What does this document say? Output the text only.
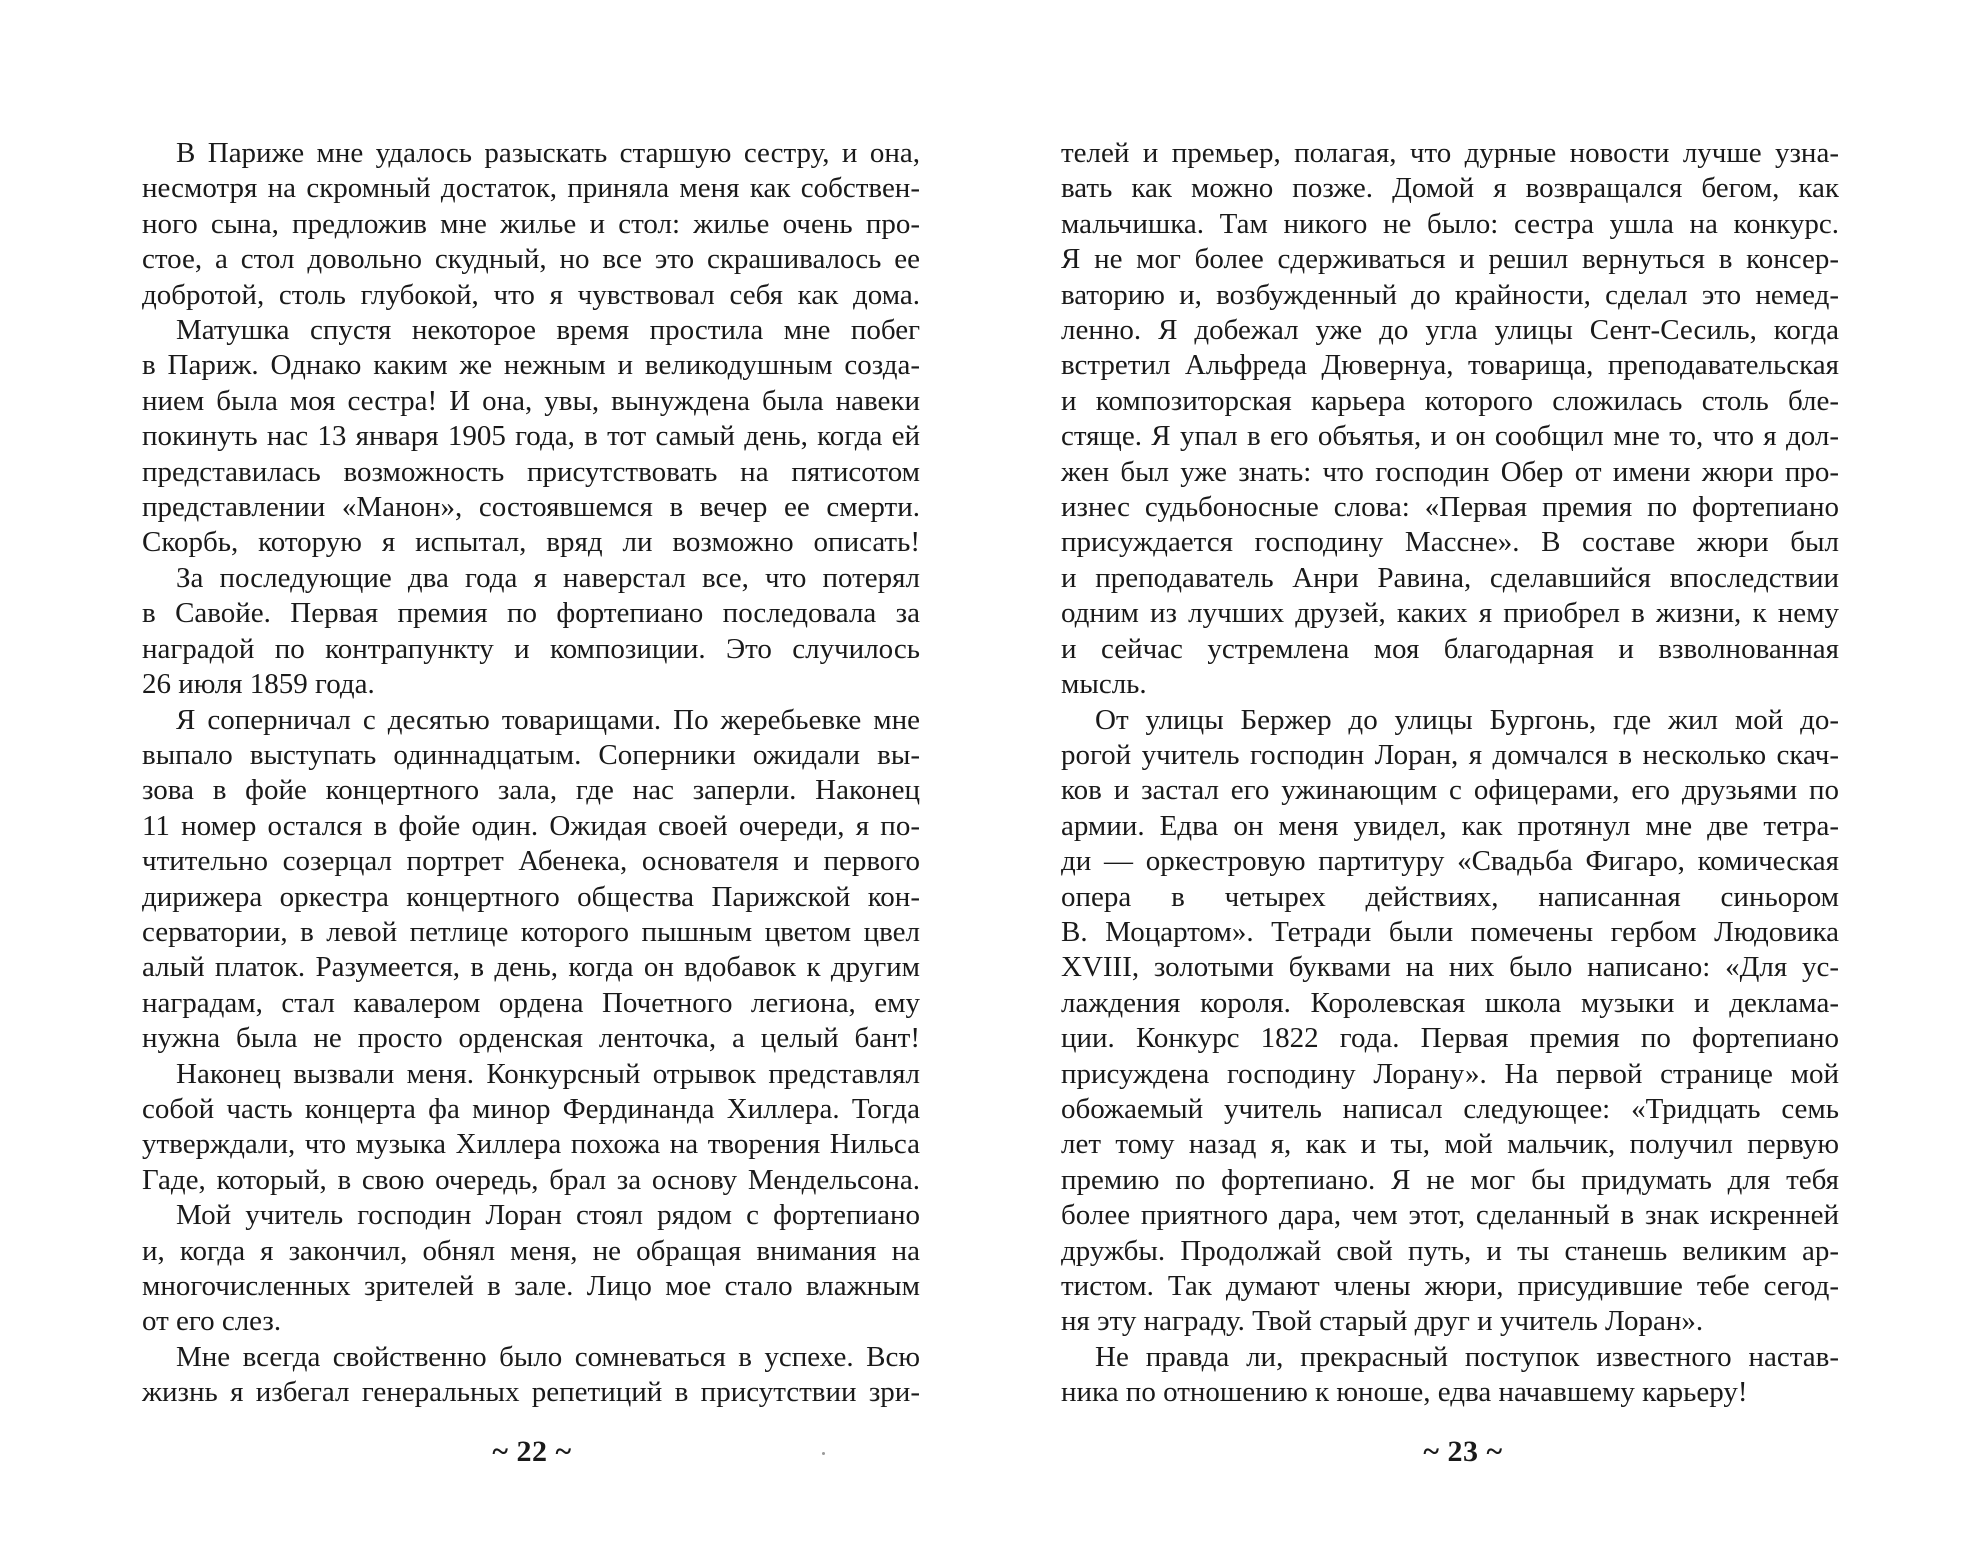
В Париже мне удалось разыскать старшую сестру, и она,
несмотря на скромный достаток, приняла меня как собствен-
ного сына, предложив мне жилье и стол: жилье очень про-
стое, а стол довольно скудный, но все это скрашивалось ее
добротой, столь глубокой, что я чувствовал себя как дома.
Матушка спустя некоторое время простила мне побег
в Париж. Однако каким же нежным и великодушным созда-
нием была моя сестра! И она, увы, вынуждена была навеки
покинуть нас 13 января 1905 года, в тот самый день, когда ей
представилась возможность присутствовать на пятисотом
представлении «Манон», состоявшемся в вечер ее смерти.
Скорбь, которую я испытал, вряд ли возможно описать!
За последующие два года я наверстал все, что потерял
в Савойе. Первая премия по фортепиано последовала за
наградой по контрапункту и композиции. Это случилось
26 июля 1859 года.
Я соперничал с десятью товарищами. По жеребьевке мне
выпало выступать одиннадцатым. Соперники ожидали вы-
зова в фойе концертного зала, где нас заперли. Наконец
11 номер остался в фойе один. Ожидая своей очереди, я по-
чтительно созерцал портрет Абенека, основателя и первого
дирижера оркестра концертного общества Парижской кон-
серватории, в левой петлице которого пышным цветом цвел
алый платок. Разумеется, в день, когда он вдобавок к другим
наградам, стал кавалером ордена Почетного легиона, ему
нужна была не просто орденская ленточка, а целый бант!
Наконец вызвали меня. Конкурсный отрывок представлял
собой часть концерта фа минор Фердинанда Хиллера. Тогда
утверждали, что музыка Хиллера похожа на творения Нильса
Гаде, который, в свою очередь, брал за основу Мендельсона.
Мой учитель господин Лоран стоял рядом с фортепиано
и, когда я закончил, обнял меня, не обращая внимания на
многочисленных зрителей в зале. Лицо мое стало влажным
от его слез.
Мне всегда свойственно было сомневаться в успехе. Всю
жизнь я избегал генеральных репетиций в присутствии зри-
~ 22 ~
телей и премьер, полагая, что дурные новости лучше узна-
вать как можно позже. Домой я возвращался бегом, как
мальчишка. Там никого не было: сестра ушла на конкурс.
Я не мог более сдерживаться и решил вернуться в консер-
ваторию и, возбужденный до крайности, сделал это немед-
ленно. Я добежал уже до угла улицы Сент-Сесиль, когда
встретил Альфреда Дювернуа, товарища, преподавательская
и композиторская карьера которого сложилась столь бле-
стяще. Я упал в его объятья, и он сообщил мне то, что я дол-
жен был уже знать: что господин Обер от имени жюри про-
изнес судьбоносные слова: «Первая премия по фортепиано
присуждается господину Массне». В составе жюри был
и преподаватель Анри Равина, сделавшийся впоследствии
одним из лучших друзей, каких я приобрел в жизни, к нему
и сейчас устремлена моя благодарная и взволнованная
мысль.
От улицы Бержер до улицы Бургонь, где жил мой до-
рогой учитель господин Лоран, я домчался в несколько скач-
ков и застал его ужинающим с офицерами, его друзьями по
армии. Едва он меня увидел, как протянул мне две тетра-
ди — оркестровую партитуру «Свадьба Фигаро, комическая
опера в четырех действиях, написанная синьором
В. Моцартом». Тетради были помечены гербом Людовика
XVIII, золотыми буквами на них было написано: «Для ус-
лаждения короля. Королевская школа музыки и деклама-
ции. Конкурс 1822 года. Первая премия по фортепиано
присуждена господину Лорану». На первой странице мой
обожаемый учитель написал следующее: «Тридцать семь
лет тому назад я, как и ты, мой мальчик, получил первую
премию по фортепиано. Я не мог бы придумать для тебя
более приятного дара, чем этот, сделанный в знак искренней
дружбы. Продолжай свой путь, и ты станешь великим ар-
тистом. Так думают члены жюри, присудившие тебе сегод-
ня эту награду. Твой старый друг и учитель Лоран».
Не правда ли, прекрасный поступок известного настав-
ника по отношению к юноше, едва начавшему карьеру!
~ 23 ~
